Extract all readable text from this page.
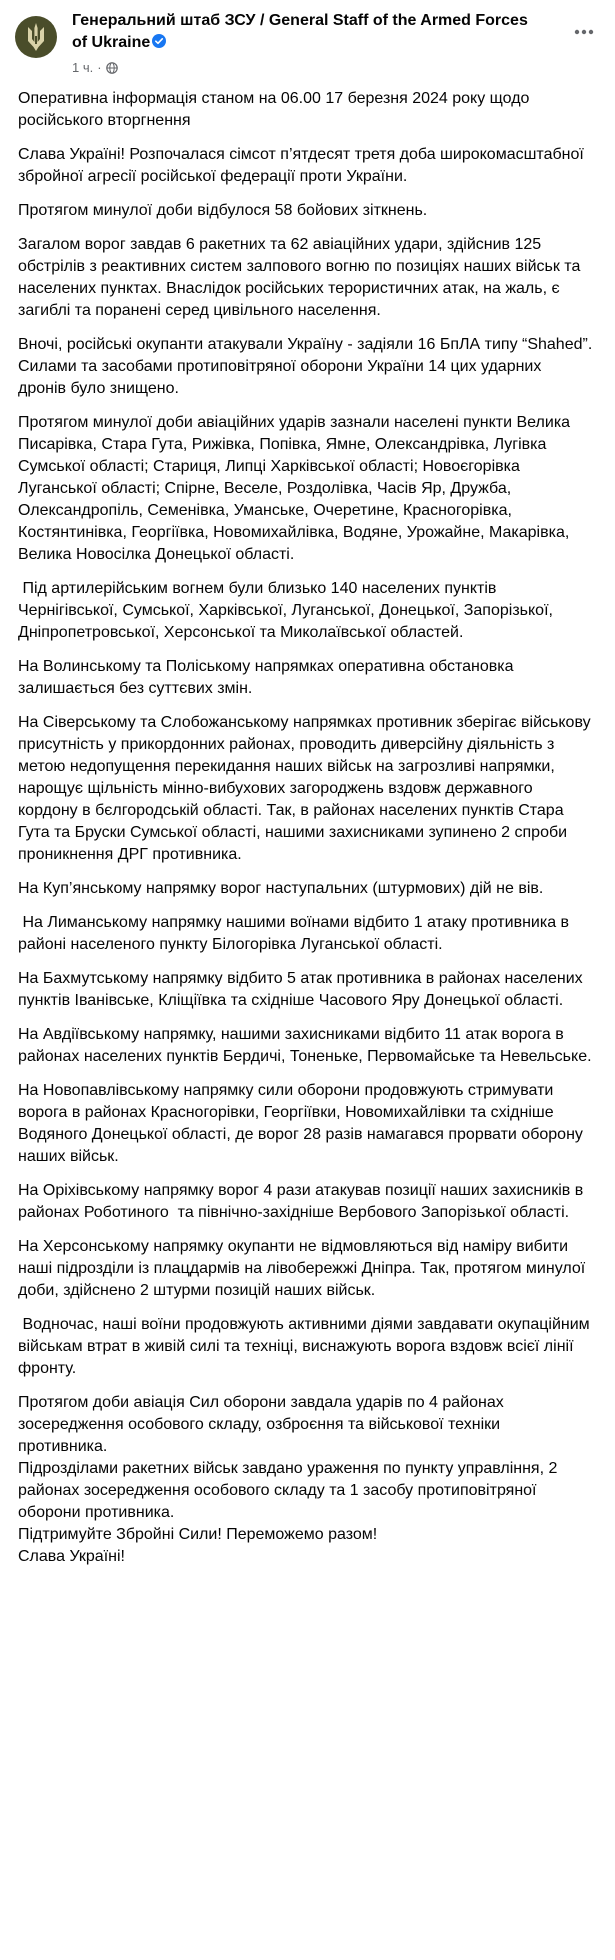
Генеральний штаб ЗСУ / General Staff of the Armed Forces of Ukraine
1 ч. ·

Оперативна інформація станом на 06.00 17 березня 2024 року щодо російського вторгнення

Слава Україні! Розпочалася сімсот п’ятдесят третя доба широкомасштабної збройної агресії російської федерації проти України.

Протягом минулої доби відбулося 58 бойових зіткнень.

Загалом ворог завдав 6 ракетних та 62 авіаційних удари, здійснив 125 обстрілів з реактивних систем залпового вогню по позиціях наших військ та населених пунктах. Внаслідок російських терористичних атак, на жаль, є загиблі та поранені серед цивільного населення.

Вночі, російські окупанти атакували Україну - задіяли 16 БпЛА типу “Shahed”. Силами та засобами протиповітряної оборони України 14 цих ударних дронів було знищено.

Протягом минулої доби авіаційних ударів зазнали населені пункти Велика Писарівка, Стара Гута, Рижівка, Попівка, Ямне, Олександрівка, Лугівка Сумської області; Стариця, Липці Харківської області; Новоєгорівка Луганської області; Спірне, Веселе, Роздолівка, Часів Яр, Дружба, Олександропіль, Семенівка, Уманське, Очеретине, Красногорівка, Костянтинівка, Георгіївка, Новомихайлівка, Водяне, Урожайне, Макарівка, Велика Новосілка Донецької області.

Під артилерійським вогнем були близько 140 населених пунктів Чернігівської, Сумської, Харківської, Луганської, Донецької, Запорізької, Дніпропетровської, Херсонської та Миколаївської областей.

На Волинському та Поліському напрямках оперативна обстановка залишається без суттєвих змін.

На Сіверському та Слобожанському напрямках противник зберігає військову присутність у прикордонних районах, проводить диверсійну діяльність з метою недопущення перекидання наших військ на загрозливі напрямки, нарощує щільність мінно-вибухових загороджень вздовж державного кордону в бєлгородській області. Так, в районах населених пунктів Стара Гута та Бруски Сумської області, нашими захисниками зупинено 2 спроби проникнення ДРГ противника.

На Куп’янському напрямку ворог наступальних (штурмових) дій не вів.

На Лиманському напрямку нашими воїнами відбито 1 атаку противника в районі населеного пункту Білогорівка Луганської області.

На Бахмутському напрямку відбито 5 атак противника в районах населених пунктів Іванівське, Кліщіївка та східніше Часового Яру Донецької області.

На Авдіївському напрямку, нашими захисниками відбито 11 атак ворога в районах населених пунктів Бердичі, Тоненьке, Первомайське та Невельське.

На Новопавлівському напрямку сили оборони продовжують стримувати ворога в районах Красногорівки, Георгіївки, Новомихайлівки та східніше Водяного Донецької області, де ворог 28 разів намагався прорвати оборону наших військ.

На Оріхівському напрямку ворог 4 рази атакував позиції наших захисників в районах Роботиного  та північно-західніше Вербового Запорізької області.

На Херсонському напрямку окупанти не відмовляються від наміру вибити наші підрозділи із плацдармів на лівобережжі Дніпра. Так, протягом минулої доби, здійснено 2 штурми позицій наших військ.

Водночас, наші воїни продовжують активними діями завдавати окупаційним військам втрат в живій силі та техніці, виснажують ворога вздовж всієї лінії фронту.

Протягом доби авіація Сил оборони завдала ударів по 4 районах зосередження особового складу, озброєння та військової техніки противника.

Підрозділами ракетних військ завдано ураження по пункту управління, 2 районах зосередження особового складу та 1 засобу протиповітряної оборони противника.

Підтримуйте Збройні Сили! Переможемо разом!

Слава Україні!
